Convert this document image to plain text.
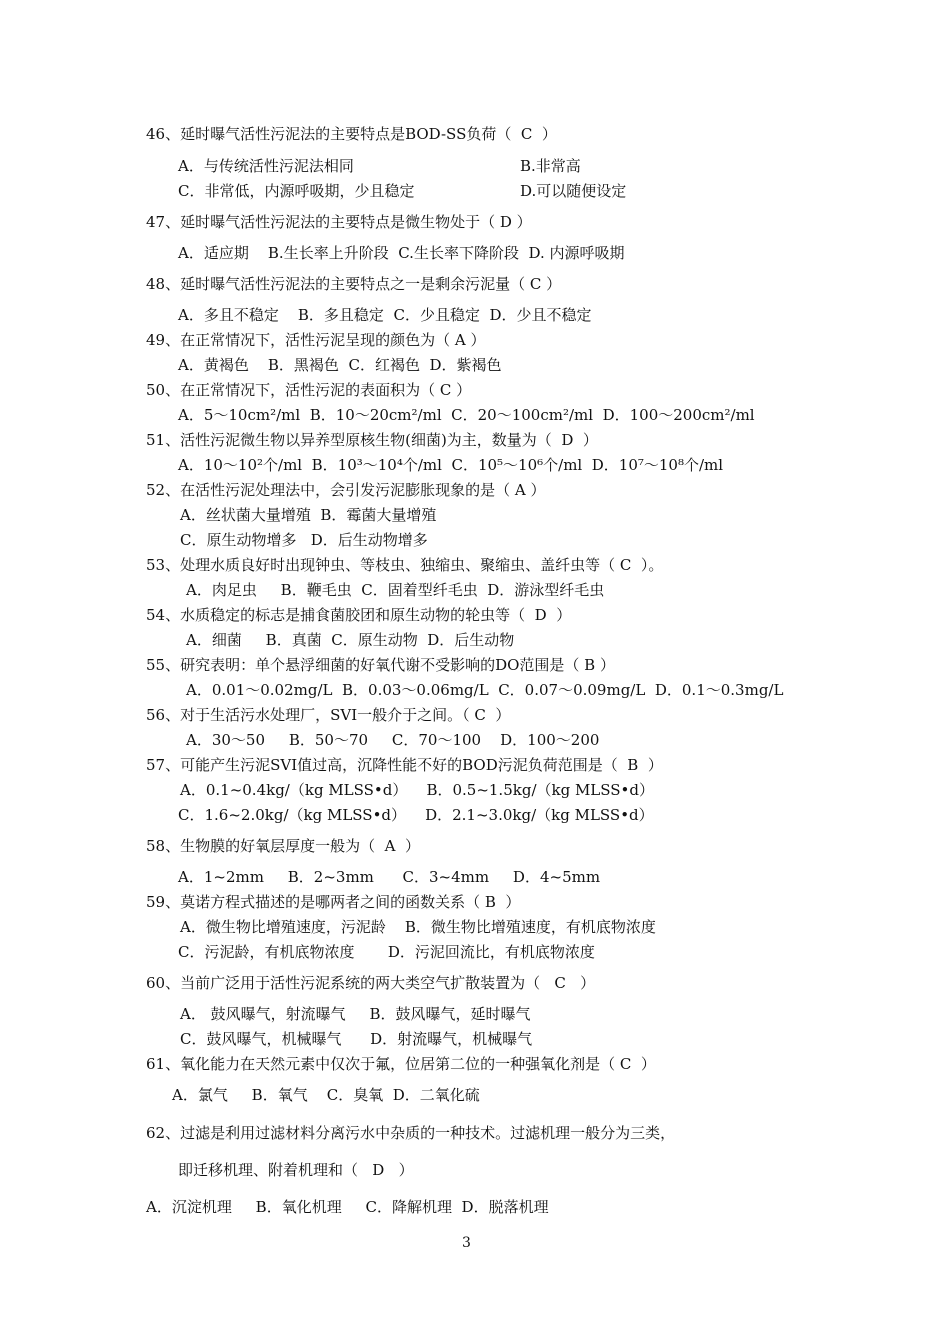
46、延时曝气活性污泥法的主要特点是BOD-SS负荷（  C  ）
A．与传统活性污泥法相同	B.非常高
C．非常低，内源呼吸期，少且稳定	D.可以随便设定
47、延时曝气活性污泥法的主要特点是微生物处于（ D ）
A．适应期    B.生长率上升阶段  C.生长率下降阶段  D. 内源呼吸期
48、延时曝气活性污泥法的主要特点之一是剩余污泥量（ C ）
A．多且不稳定    B．多且稳定  C．少且稳定  D．少且不稳定
49、在正常情况下，活性污泥呈现的颜色为（ A ）
A．黄褐色    B．黑褐色  C．红褐色  D．紫褐色
50、在正常情况下，活性污泥的表面积为（ C ）
A．5～10cm²/ml  B．10～20cm²/ml  C．20～100cm²/ml  D．100～200cm²/ml
51、活性污泥微生物以异养型原核生物(细菌)为主，数量为（  D  ）
A．10～10²个/ml  B．10³～10⁴个/ml  C．10⁵～10⁶个/ml  D．10⁷～10⁸个/ml
52、在活性污泥处理法中，会引发污泥膨胀现象的是（ A ）
A．丝状菌大量增殖  B．霉菌大量增殖
C．原生动物增多   D．后生动物增多
53、处理水质良好时出现钟虫、等枝虫、独缩虫、聚缩虫、盖纤虫等（ C  ）。
A．肉足虫     B．鞭毛虫  C．固着型纤毛虫  D．游泳型纤毛虫
54、水质稳定的标志是捕食菌胶团和原生动物的轮虫等（  D  ）
A．细菌     B．真菌  C．原生动物  D．后生动物
55、研究表明：单个悬浮细菌的好氧代谢不受影响的DO范围是（ B ）
A．0.01～0.02mg/L  B．0.03～0.06mg/L  C．0.07～0.09mg/L  D．0.1～0.3mg/L
56、对于生活污水处理厂，SVI一般介于之间。（ C  ）
A．30～50     B．50～70     C．70～100    D．100～200
57、可能产生污泥SVI值过高，沉降性能不好的BOD污泥负荷范围是（  B  ）
A．0.1~0.4kg/（kg MLSS•d）    B．0.5~1.5kg/（kg MLSS•d）
C．1.6~2.0kg/（kg MLSS•d）    D．2.1~3.0kg/（kg MLSS•d）
58、生物膜的好氧层厚度一般为（  A  ）
A．1~2mm     B．2~3mm      C．3~4mm     D．4~5mm
59、莫诺方程式描述的是哪两者之间的函数关系（ B  ）
A．微生物比增殖速度，污泥龄    B．微生物比增殖速度，有机底物浓度
C．污泥龄，有机底物浓度       D．污泥回流比，有机底物浓度
60、当前广泛用于活性污泥系统的两大类空气扩散装置为（   C   ）
A． 鼓风曝气，射流曝气     B．鼓风曝气，延时曝气
C．鼓风曝气，机械曝气      D．射流曝气，机械曝气
61、氧化能力在天然元素中仅次于氟，位居第二位的一种强氧化剂是（ C  ）
A．氯气     B．氧气    C．臭氧  D．二氧化硫
62、过滤是利用过滤材料分离污水中杂质的一种技术。过滤机理一般分为三类，
即迁移机理、附着机理和（   D   ）
A．沉淀机理     B．氧化机理     C．降解机理  D．脱落机理
3
